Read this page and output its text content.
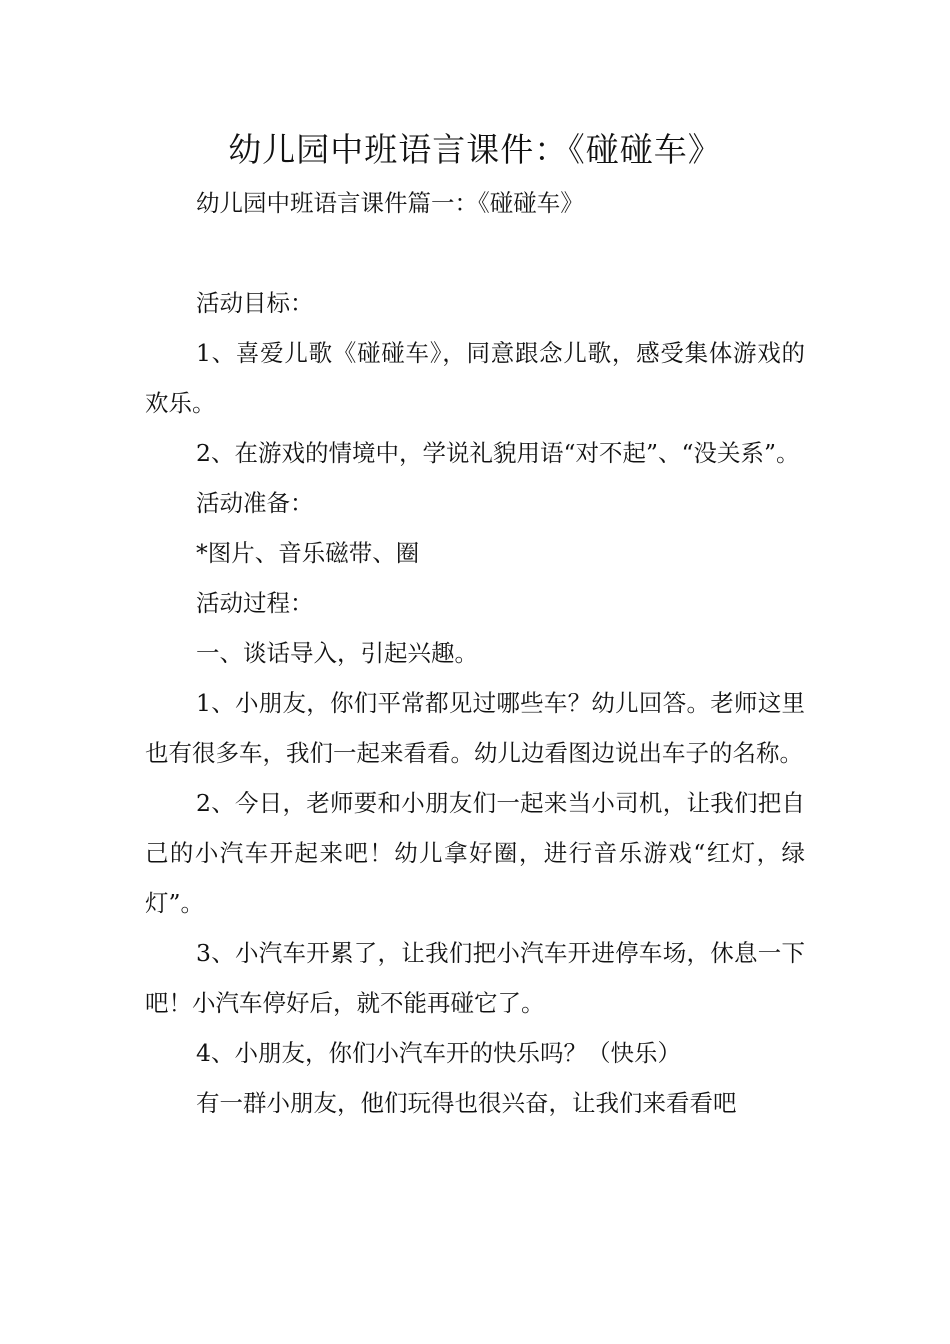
幼儿园中班语言课件：《碰碰车》

幼儿园中班语言课件篇一：《碰碰车》

活动目标：

1、喜爱儿歌《碰碰车》，同意跟念儿歌，感受集体游戏的欢乐。

2、在游戏的情境中，学说礼貌用语“对不起”、“没关系”。

活动准备：

*图片、音乐磁带、圈

活动过程：

一、谈话导入，引起兴趣。

1、小朋友，你们平常都见过哪些车？幼儿回答。老师这里也有很多车，我们一起来看看。幼儿边看图边说出车子的名称。

2、今日，老师要和小朋友们一起来当小司机，让我们把自己的小汽车开起来吧！幼儿拿好圈，进行音乐游戏“红灯，绿灯”。

3、小汽车开累了，让我们把小汽车开进停车场，休息一下吧！小汽车停好后，就不能再碰它了。

4、小朋友，你们小汽车开的快乐吗？（快乐）

有一群小朋友，他们玩得也很兴奋，让我们来看看吧
